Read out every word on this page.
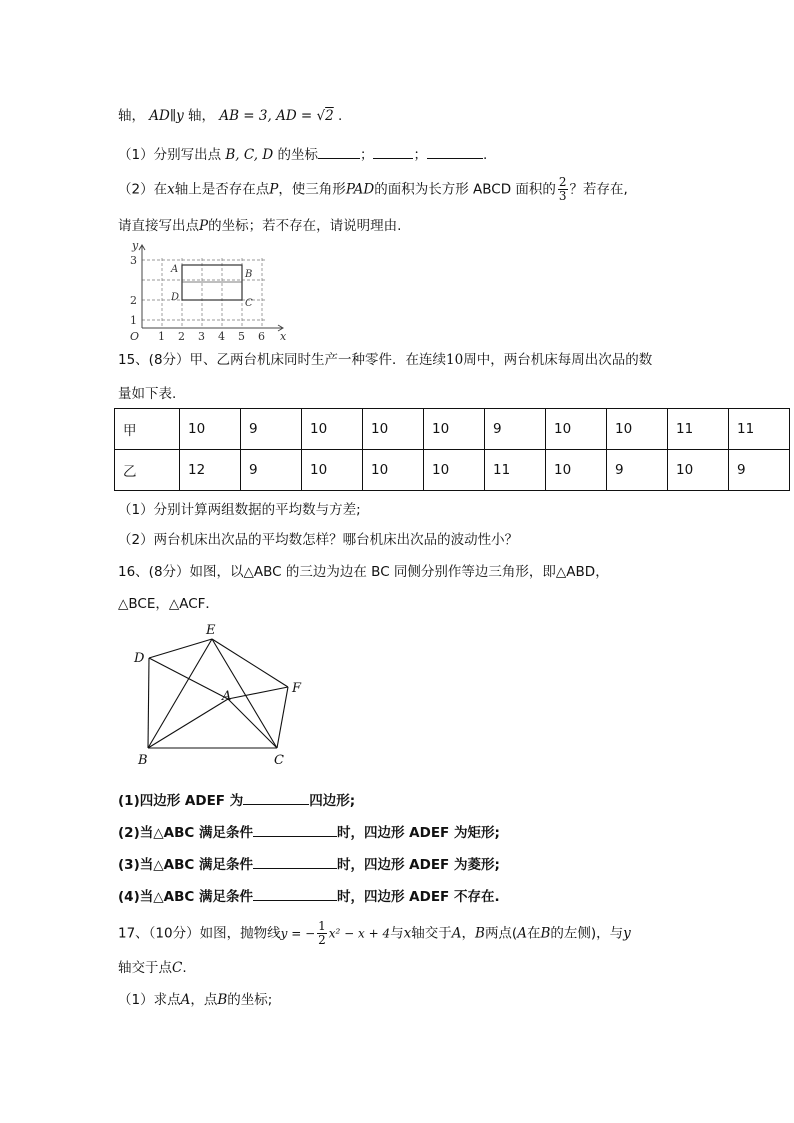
轴， AD∥y 轴， AB = 3, AD = √2 .
（1）分别写出点 B, C, D 的坐标	；	；	.
（2）在x轴上是否存在点P，使三角形PAD的面积为长方形 ABCD 面积的 $\frac{2}{3}$ ？若存在,
请直接写出点P的坐标；若不存在，请说明理由.
y
x
O 1 2 3 4 5 6
1
2
3
A	B
C
D
15、(8分）甲、乙两台机床同时生产一种零件．在连续10周中，两台机床每周出次品的数
量如下表.
甲	10	9	10	10	10	9	10	10	11	11
乙	12	9	10	10	10	11	10	9	10	9
（1）分别计算两组数据的平均数与方差;
（2）两台机床出次品的平均数怎样？哪台机床出次品的波动性小？
16、(8分）如图，以△ABC 的三边为边在 BC 同侧分别作等边三角形，即△ABD，
△BCE，△ACF．
D
E
F
A
B	C
(1)四边形 ADEF 为	四边形;
(2)当△ABC 满足条件	时，四边形 ADEF 为矩形;
(3)当△ABC 满足条件	时，四边形 ADEF 为菱形;
(4)当△ABC 满足条件	时，四边形 ADEF 不存在.
17、（10分）如图，抛物线y = − $\frac{1}{2} x^2 - x + 4$与x轴交于A，B两点(A在B的左侧)，与y
轴交于点C.
（1）求点A，点B的坐标;
